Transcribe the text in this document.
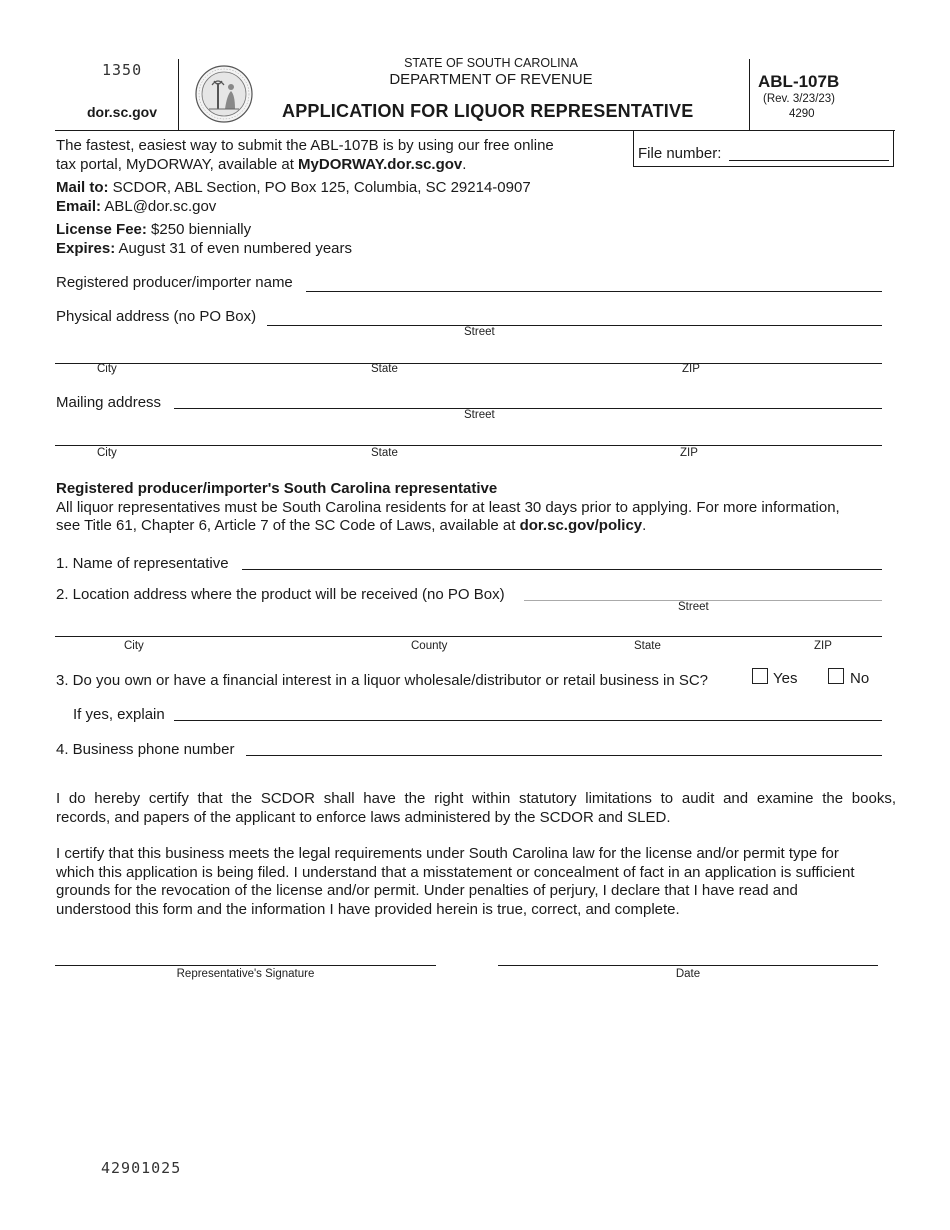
1350
dor.sc.gov
STATE OF SOUTH CAROLINA
DEPARTMENT OF REVENUE
APPLICATION FOR LIQUOR REPRESENTATIVE
ABL-107B
(Rev. 3/23/23)
4290
File number:
The fastest, easiest way to submit the ABL-107B is by using our free online
tax portal, MyDORWAY, available at MyDORWAY.dor.sc.gov.
Mail to: SCDOR, ABL Section, PO Box 125, Columbia, SC 29214-0907
Email: ABL@dor.sc.gov
License Fee: $250 biennially
Expires: August 31 of even numbered years
Registered producer/importer name
Physical address (no PO Box)
Street
City	State	ZIP
Mailing address
Street
City	State	ZIP
Registered producer/importer's South Carolina representative
All liquor representatives must be South Carolina residents for at least 30 days prior to applying. For more information,
see Title 61, Chapter 6, Article 7 of the SC Code of Laws, available at dor.sc.gov/policy.
1. Name of representative
2. Location address where the product will be received (no PO Box)
Street
City	County	State	ZIP
3. Do you own or have a financial interest in a liquor wholesale/distributor or retail business in SC?	Yes	No
If yes, explain
4. Business phone number
I do hereby certify that the SCDOR shall have the right within statutory limitations to audit and examine the books,
records, and papers of the applicant to enforce laws administered by the SCDOR and SLED.
I certify that this business meets the legal requirements under South Carolina law for the license and/or permit type for
which this application is being filed. I understand that a misstatement or concealment of fact in an application is sufficient
grounds for the revocation of the license and/or permit. Under penalties of perjury, I declare that I have read and
understood this form and the information I have provided herein is true, correct, and complete.
Representative's Signature	Date
42901025
